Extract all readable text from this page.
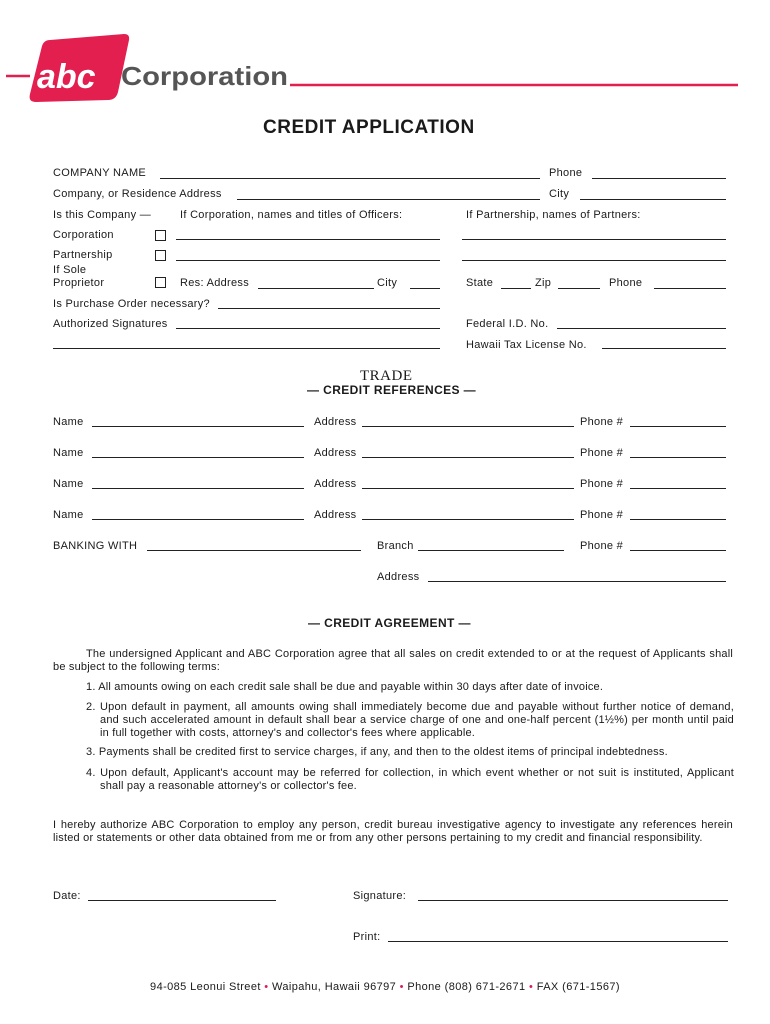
abc Corporation
CREDIT APPLICATION
COMPANY NAME	Phone
Company, or Residence Address	City
Is this Company —	If Corporation, names and titles of Officers:	If Partnership, names of Partners:
Corporation
Partnership
If Sole
Proprietor	Res: Address	City	State	Zip	Phone
Is Purchase Order necessary?
Authorized Signatures	Federal I.D. No.
Hawaii Tax License No.
TRADE
— CREDIT REFERENCES —
Name	Address	Phone #
Name	Address	Phone #
Name	Address	Phone #
Name	Address	Phone #
BANKING WITH	Branch	Phone #
Address
— CREDIT AGREEMENT —
The undersigned Applicant and ABC Corporation agree that all sales on credit extended to or at the request of Applicants shall be subject to the following terms:
1. All amounts owing on each credit sale shall be due and payable within 30 days after date of invoice.
2. Upon default in payment, all amounts owing shall immediately become due and payable without further notice of demand, and such accelerated amount in default shall bear a service charge of one and one-half percent (1½%) per month until paid in full together with costs, attorney's and collector's fees where applicable.
3. Payments shall be credited first to service charges, if any, and then to the oldest items of principal indebtedness.
4. Upon default, Applicant's account may be referred for collection, in which event whether or not suit is instituted, Applicant shall pay a reasonable attorney's or collector's fee.
I hereby authorize ABC Corporation to employ any person, credit bureau investigative agency to investigate any references herein listed or statements or other data obtained from me or from any other persons pertaining to my credit and financial responsibility.
Date:	Signature:
Print:
94-085 Leonui Street • Waipahu, Hawaii 96797 • Phone (808) 671-2671 • FAX (671-1567)
